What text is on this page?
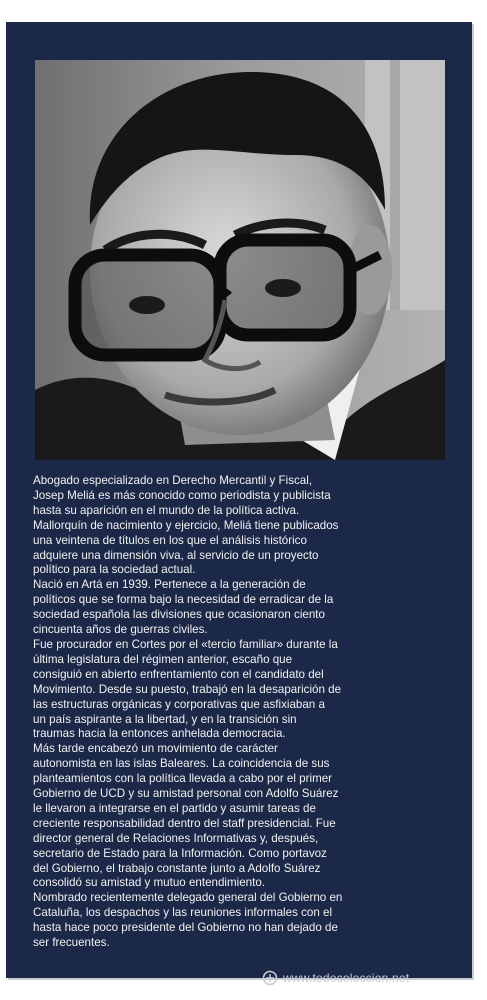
Abogado especializado en Derecho Mercantil y Fiscal,
Josep Meliá es más conocido como periodista y publicista
hasta su aparición en el mundo de la política activa.
Mallorquín de nacimiento y ejercicio, Meliá tiene publicados
una veintena de títulos en los que el análisis histórico
adquiere una dimensión viva, al servicio de un proyecto
político para la sociedad actual.

Nació en Artá en 1939. Pertenece a la generación de
políticos que se forma bajo la necesidad de erradicar de la
sociedad española las divisiones que ocasionaron ciento
cincuenta años de guerras civiles.

Fue procurador en Cortes por el «tercio familiar» durante la
última legislatura del régimen anterior, escaño que
consiguió en abierto enfrentamiento con el candidato del
Movimiento. Desde su puesto, trabajó en la desaparición de
las estructuras orgánicas y corporativas que asfixiaban a
un país aspirante a la libertad, y en la transición sin
traumas hacia la entonces anhelada democracia.

Más tarde encabezó un movimiento de carácter
autonomista en las islas Baleares. La coincidencia de sus
planteamientos con la política llevada a cabo por el primer
Gobierno de UCD y su amistad personal con Adolfo Suárez
le llevaron a integrarse en el partido y asumir tareas de
creciente responsabilidad dentro del staff presidencial. Fue
director general de Relaciones Informativas y, después,
secretario de Estado para la Información. Como portavoz
del Gobierno, el trabajo constante junto a Adolfo Suárez
consolidó su amistad y mutuo entendimiento.

Nombrado recientemente delegado general del Gobierno en
Cataluña, los despachos y las reuniones informales con el
hasta hace poco presidente del Gobierno no han dejado de
ser frecuentes.

www.todocoleccion.net
